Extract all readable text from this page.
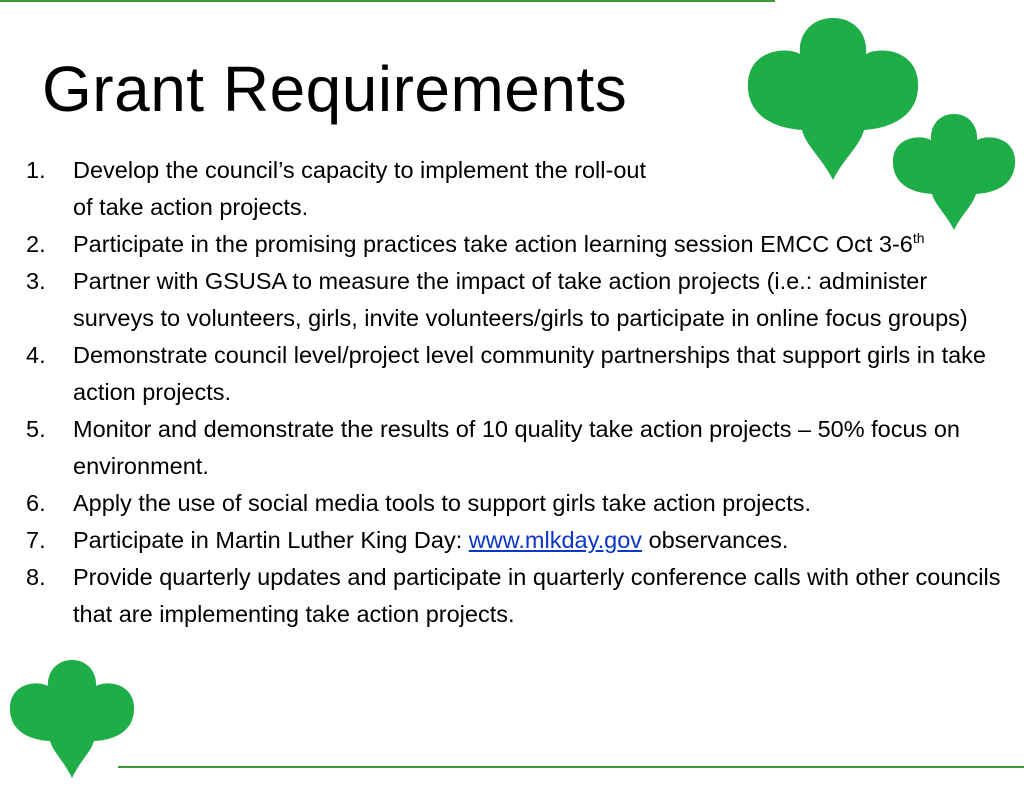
Grant Requirements
1. Develop the council’s capacity to implement the roll-out
of take action projects.
2. Participate in the promising practices take action learning session EMCC Oct 3-6th
3. Partner with GSUSA to measure the impact of take action projects (i.e.: administer surveys to volunteers, girls, invite volunteers/girls to participate in online focus groups)
4. Demonstrate council level/project level community partnerships that support girls in take action projects.
5. Monitor and demonstrate the results of 10 quality take action projects – 50% focus on environment.
6. Apply the use of social media tools to support girls take action projects.
7. Participate in Martin Luther King Day: www.mlkday.gov observances.
8. Provide quarterly updates and participate in quarterly conference calls with other councils that are implementing take action projects.
